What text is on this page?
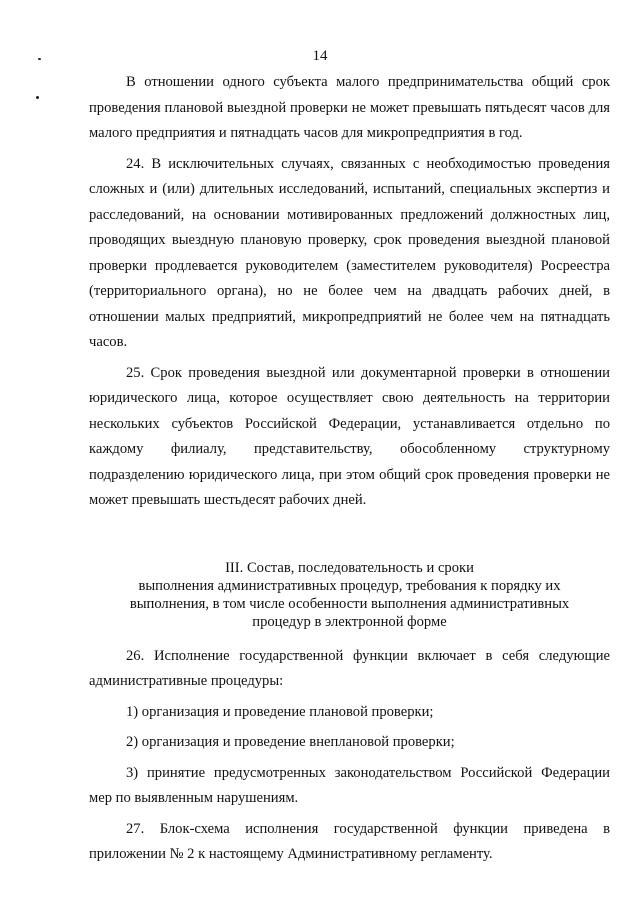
14

В отношении одного субъекта малого предпринимательства общий срок проведения плановой выездной проверки не может превышать пятьдесят часов для малого предприятия и пятнадцать часов для микропредприятия в год.

24. В исключительных случаях, связанных с необходимостью проведения сложных и (или) длительных исследований, испытаний, специальных экспертиз и расследований, на основании мотивированных предложений должностных лиц, проводящих выездную плановую проверку, срок проведения выездной плановой проверки продлевается руководителем (заместителем руководителя) Росреестра (территориального органа), но не более чем на двадцать рабочих дней, в отношении малых предприятий, микропредприятий не более чем на пятнадцать часов.

25. Срок проведения выездной или документарной проверки в отношении юридического лица, которое осуществляет свою деятельность на территории нескольких субъектов Российской Федерации, устанавливается отдельно по каждому филиалу, представительству, обособленному структурному подразделению юридического лица, при этом общий срок проведения проверки не может превышать шестьдесят рабочих дней.

III. Состав, последовательность и сроки
выполнения административных процедур, требования к порядку их
выполнения, в том числе особенности выполнения административных
процедур в электронной форме

26. Исполнение государственной функции включает в себя следующие административные процедуры:

1) организация и проведение плановой проверки;

2) организация и проведение внеплановой проверки;

3) принятие предусмотренных законодательством Российской Федерации мер по выявленным нарушениям.

27. Блок-схема исполнения государственной функции приведена в приложении № 2 к настоящему Административному регламенту.
